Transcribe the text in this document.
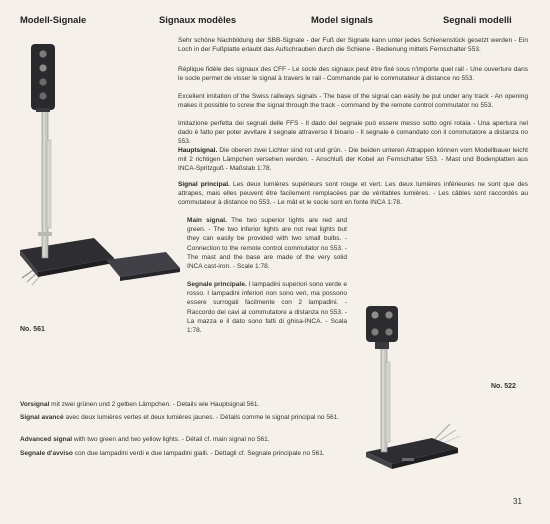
Modell-Signale	Signaux modèles	Model signals	Segnali modelli

Sehr schöne Nachbildung der SBB-Signale - der Fuß der Signale kann unter jedes Schienenstück gesetzt werden - Ein Loch in der Fußplatte erlaubt das Aufschrauben durch die Schiene - Bedienung mittels Fernschalter 553.

Réplique fidèle des signaux des CFF - Le socle des signaux peut être fixé sous n'importe quel rail - Une ouverture dans le socle permet de visser le signal à travers le rail - Commande par le commutateur à distance no 553.

Excellent imitation of the Swiss railways signals - The base of the signal can easily be put under any track - An opening makes it possible to screw the signal through the track - command by the remote control commutator no 553.

Imitazione perfetta dei segnali delle FFS - Il dado del segnale può essere messo sotto ogni rotaia - Una apertura nel dado è fatto per poter avvitare il segnale attraverso il binario - Il segnale è comandato con il commutatore a distanza no 553.

Hauptsignal. Die oberen zwei Lichter sind rot und grün. - Die beiden unteren Attrappen können vom Modellbauer leicht mit 2 richtigen Lämpchen versehen werden. - Anschluß der Kobel an Fernschalter 553. - Mast und Bodenplatten aus INCA-Spritzguß - Maßstab 1:78.

Signal principal. Les deux lumières supérieurs sont rouge et vert. Les deux lumières inférieures ne sont que des attrapes, mais elles peuvent être facilement remplacées par de véritables lumières. - Les câbles sont raccordés au commutateur à distance no 553. - Le mât et le socle sont en fonte INCA 1:78.

Main signal. The two superior lights are red and green. - The two inferior lights are not real lights but they can easily be provided with two small bulbs. - Connection to the remote control commutator no 553. - The mast and the base are made of the very solid INCA cast-iron. - Scale 1:78.

Segnale principale. I lampadini superiori sono verde e rosso. I lampadini inferiori non sono veri, ma possono essere surrogati facilmente con 2 lampadini. - Raccordo dei cavi al commutatore a distanza no 553. - La mazza e il dato sono fatti di ghisa-INCA. - Scala 1:78.

No. 561
No. 522

Vorsignal mit zwei grünen und 2 gelben Lämpchen. - Details wie Hauptsignal 561.

Signal avancé avec deux lumières vertes et deux lumières jaunes. - Détails comme le signal principal no 561.

Advanced signal with two green and two yellow lights. - Détail cf. main signal no 561.

Segnale d'avviso con due lampadini verdi e due lampadini gialli. - Dettagli cf. Segnale principale no 561.

31
